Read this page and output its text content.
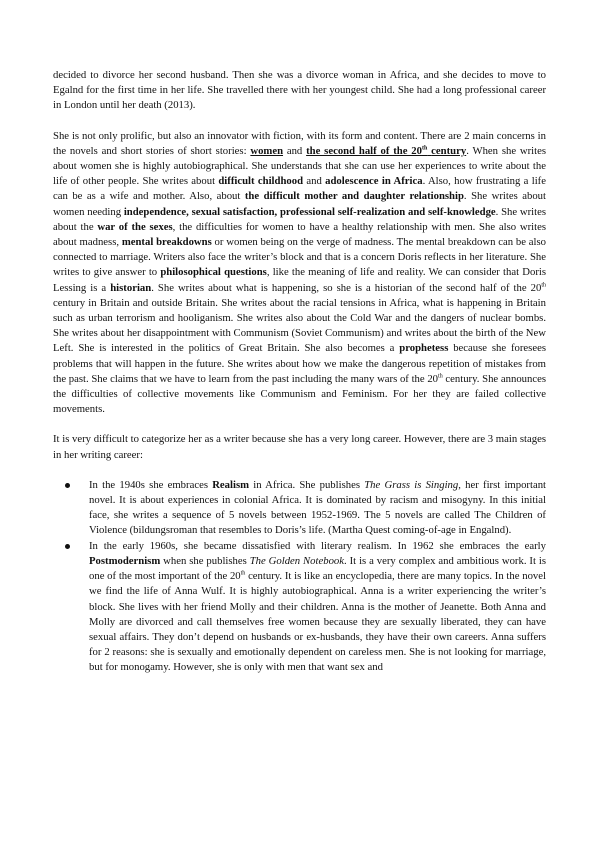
decided to divorce her second husband. Then she was a divorce woman in Africa, and she decides to move to Egalnd for the first time in her life. She travelled there with her youngest child. She had a long professional career in London until her death (2013).

She is not only prolific, but also an innovator with fiction, with its form and content. There are 2 main concerns in the novels and short stories of short stories: women and the second half of the 20th century. When she writes about women she is highly autobiographical. She understands that she can use her experiences to write about the life of other people. She writes about difficult childhood and adolescence in Africa. Also, how frustrating a life can be as a wife and mother. Also, about the difficult mother and daughter relationship. She writes about women needing independence, sexual satisfaction, professional self-realization and self-knowledge. She writes about the war of the sexes, the difficulties for women to have a healthy relationship with men. She also writes about madness, mental breakdowns or women being on the verge of madness. The mental breakdown can be also connected to marriage. Writers also face the writer’s block and that is a concern Doris reflects in her literature. She writes to give answer to philosophical questions, like the meaning of life and reality. We can consider that Doris Lessing is a historian. She writes about what is happening, so she is a historian of the second half of the 20th century in Britain and outside Britain. She writes about the racial tensions in Africa, what is happening in Britain such as urban terrorism and hooliganism. She writes also about the Cold War and the dangers of nuclear bombs. She writes about her disappointment with Communism (Soviet Communism) and writes about the birth of the New Left. She is interested in the politics of Great Britain. She also becomes a prophetess because she foresees problems that will happen in the future. She writes about how we make the dangerous repetition of mistakes from the past. She claims that we have to learn from the past including the many wars of the 20th century. She announces the difficulties of collective movements like Communism and Feminism. For her they are failed collective movements.

It is very difficult to categorize her as a writer because she has a very long career. However, there are 3 main stages in her writing career:

In the 1940s she embraces Realism in Africa. She publishes The Grass is Singing, her first important novel. It is about experiences in colonial Africa. It is dominated by racism and misogyny. In this initial face, she writes a sequence of 5 novels between 1952-1969. The 5 novels are called The Children of Violence (bildungsroman that resembles to Doris’s life. (Martha Quest coming-of-age in Engalnd).
In the early 1960s, she became dissatisfied with literary realism. In 1962 she embraces the early Postmodernism when she publishes The Golden Notebook. It is a very complex and ambitious work. It is one of the most important of the 20th century. It is like an encyclopedia, there are many topics. In the novel we find the life of Anna Wulf. It is highly autobiographical. Anna is a writer experiencing the writer’s block. She lives with her friend Molly and their children. Anna is the mother of Jeanette. Both Anna and Molly are divorced and call themselves free women because they are sexually liberated, they can have sexual affairs. They don’t depend on husbands or ex-husbands, they have their own careers. Anna suffers for 2 reasons: she is sexually and emotionally dependent on careless men. She is not looking for marriage, but for monogamy. However, she is only with men that want sex and
